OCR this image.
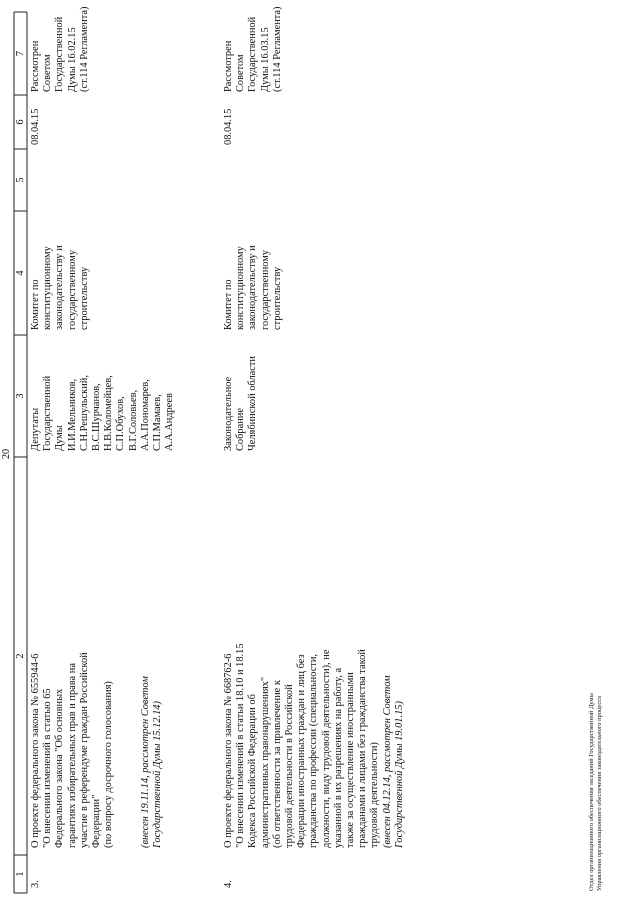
1
2
3
4
5
6
7
20
3.
О проекте федерального закона № 655944-6
"О внесении изменений в статью 65
Федерального закона "Об основных
гарантиях избирательных прав и права на
участие в референдуме граждан Российской
Федерации"
(по вопросу досрочного голосования)
(внесен 19.11.14, рассмотрен Советом
Государственной Думы 15.12.14)
Депутаты
Государственной
Думы
И.И.Мельников,
С.Н.Решульский,
В.С.Шурчанов,
Н.В.Коломейцев,
С.П.Обухов,
В.Г.Соловьев,
А.А.Пономарев,
С.П.Мамаев,
А.А.Андреев
Комитет по
конституционному
законодательству и
государственному
строительству
08.04.15
Рассмотрен
Советом
Государственной
Думы 16.02.15
(ст.114 Регламента)
4.
О проекте федерального закона № 668762-6
"О внесении изменений в статьи 18.10 и 18.15
Кодекса Российской Федерации об
административных правонарушениях"
(об ответственности за привлечение к
трудовой деятельности в Российской
Федерации иностранных граждан и лиц без
гражданства по профессии (специальности,
должности, виду трудовой деятельности), не
указанной в их разрешениях на работу, а
также за осуществление иностранными
гражданами и лицами без гражданства такой
трудовой деятельности)
(внесен 04.12.14, рассмотрен Советом
Государственной Думы 19.01.15)
Законодательное
Собрание
Челябинской области
Комитет по
конституционному
законодательству и
государственному
строительству
08.04.15
Рассмотрен
Советом
Государственной
Думы 16.03.15
(ст.114 Регламента)
Отдел организационного обеспечения заседаний Государственной Думы Управления организационного обеспечения законодательного процесса
